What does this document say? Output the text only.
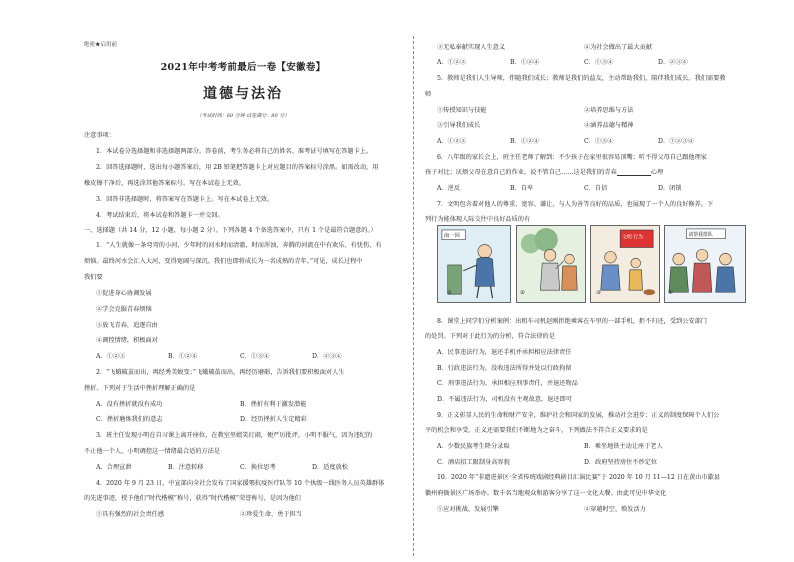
绝密★启用前
2021年中考考前最后一卷【安徽卷】
道德与法治
（考试时间：60 分钟 试卷满分：80 分）
注意事项：
1．本试卷分选择题和非选择题两部分。答卷前，考生务必将自己的姓名、准考证号填写在答题卡上。
2．回答选择题时，选出每小题答案后，用 2B 铅笔把答题卡上对应题目的答案标号涂黑。如需改动，用
橡皮擦干净后，再选涂其他答案标号。写在本试卷上无效。
3．回答非选择题时，将答案写在答题卡上。写在本试卷上无效。
4．考试结束后，将本试卷和答题卡一并交回。
一、选择题（共 14 分，12 小题，每小题 2 分）。下列各题 4 个备选答案中，只有 1 个是最符合题意的。）
1．“人生就像一条弯弯的小河，少年时的河水时而清澈，时而浑浊，奔腾的河流在中有欢乐、有忧伤，有
烦恼。最终河水会汇入大河，变得宽阔与深沉。我们也即将成长为一名成熟的青年。”可见，成长过程中
我们要
①促进身心协调发展
②学会克服青春烦恼
③放飞青春，追逐自由
④调控情绪，积极面对
A．①②③	B．①②④	C．①③④	D．②③④
2．“飞蛾破茧而出，再经秀美蜕变；”飞蛾破茧而出，再经历磨砺，告诉我们要积极面对人生
挫折。下列对于生活中挫折理解正确的是
A．没有挫折就没有成功	B．挫折有利于激发潜能
C．挫折磨炼我们的意志	D．经历挫折人生定精彩
3．班主任发现小明在自习课上离开座位，在教室里嬉笑打闹，便严厉批评，小明不服气，因为违纪的
不止他一个人，小明调控这一情绪最合适的方法是
A．合理宣泄	B．注意转移	C．换位思考	D．适度放松
4．2020 年 9 月 23 日，中宣部向全社会发布了国家援鄂抗疫医疗队等 10 个执级一线医务人员英雄群体
的先进事迹，授予他们“时代楷模”称号，获得“时代楷模”荣誉称号，是因为他们
①具有强烈的社会责任感	②珍爱生命、勇于担当
③无私奉献实现人生意义	④为社会做出了最大贡献
A．①②③	B．①②④	C．①③④	D．②③④
5．教师是我们人生导师，伴随我们成长；教师是我们的益友，主动帮助我们，陪伴我们成长。我们需要教
师
①传授知识与技能	②培养思维与方法
③引导我们成长	④涵养品德与精神
A．①②③	B．①②④	C．①③④	D．①②③④
6．八年级的家长会上，班主任老师了解到：不少孩子在家里很容易顶嘴；听不得父母自己跟他理家
孩子对比；厌烦父母在意自己的作业，说不管自己……这是我们的青春	心理
A．逆反	B．自卑	C．自信	D．闭锁
7．文明包含着对他人的尊重、宽容、谦让，与人为善等良好的品质，也展现了一个人的良好修养。下
列行为能体现人际交往中良好品质的有
南一回
①	②
文明 行为
③
请帮我排队
④
8．课堂上同学们分析案例：出租车司机赵刚拒绝乘客在车里的一部手机，拒不归还，受到公安部门
的处罚。下列对于此行为的分析，符合法律的是
A．民事违法行为，退还手机并承担相应法律责任
B．行政违法行为，没收违法所得并处以行政拘留
C．刑事违法行为，承担相应刑事责任，并退还物品
D．不属违法行为，司机没有主观故意，退还即可
9．正义彰显人民的生命和财产安全，维护社会和国家的发展，推动社会进步；正义的制度保障个人们公
平的机会和享受。正义还需要我们不断地为之奋斗，下列做法不符合正义要求的是
A．少数民族考生降分录取	B．乘坐地铁主动让座于老人
C．酒店招工限制身高容貌	D．政府坚持房住不炒定位
10．2020 年“非遗进景区·全省传统戏剧经典剧目汇演比赛”于 2020 年 10 月 11—12 日在黄山市歙县
徽州府衙景区广场举办。数千名当地观众和游客分享了这一文化大餐。由此可见中华文化
①应对挑战、发展引擎	②穿越时空、焕发活力
